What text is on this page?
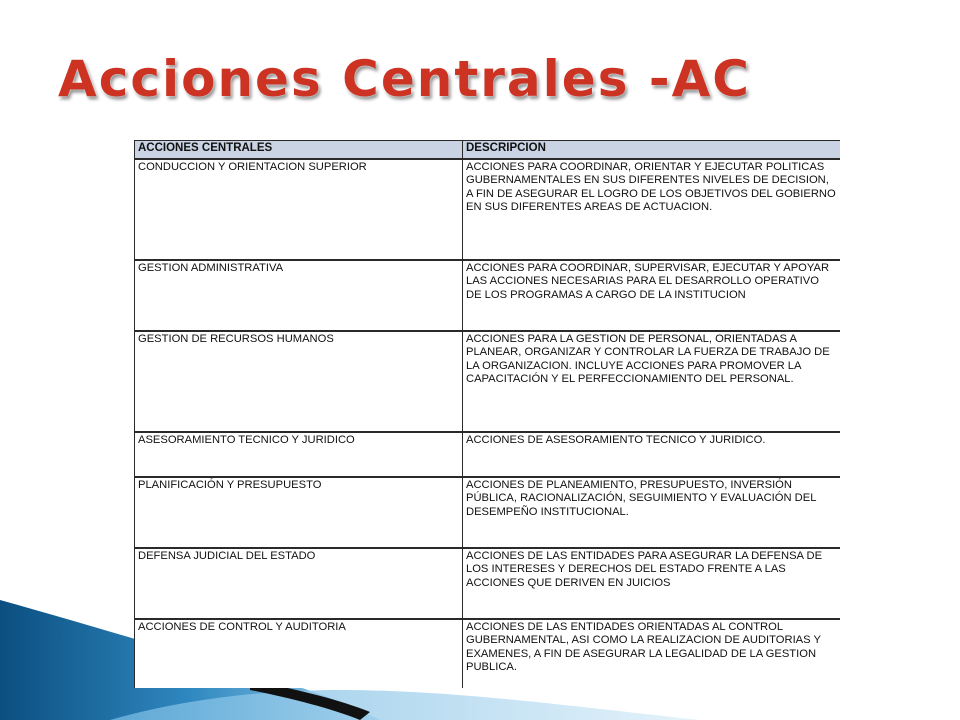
Acciones Centrales -AC
ACCIONES CENTRALES	DESCRIPCION
CONDUCCION Y ORIENTACION SUPERIOR	ACCIONES PARA COORDINAR, ORIENTAR Y EJECUTAR POLITICAS GUBERNAMENTALES EN SUS DIFERENTES NIVELES DE DECISION, A FIN DE ASEGURAR EL LOGRO DE LOS OBJETIVOS DEL GOBIERNO EN SUS DIFERENTES AREAS DE ACTUACION.
GESTION ADMINISTRATIVA	ACCIONES PARA COORDINAR, SUPERVISAR, EJECUTAR Y APOYAR LAS ACCIONES NECESARIAS PARA EL DESARROLLO OPERATIVO DE LOS PROGRAMAS A CARGO DE LA INSTITUCION
GESTION DE RECURSOS HUMANOS	ACCIONES PARA LA GESTION DE PERSONAL, ORIENTADAS A PLANEAR, ORGANIZAR Y CONTROLAR LA FUERZA DE TRABAJO DE LA ORGANIZACION. INCLUYE ACCIONES PARA PROMOVER LA CAPACITACIÓN Y EL PERFECCIONAMIENTO DEL PERSONAL.
ASESORAMIENTO TECNICO Y JURIDICO	ACCIONES DE ASESORAMIENTO TECNICO Y JURIDICO.
PLANIFICACIÓN Y PRESUPUESTO	ACCIONES DE PLANEAMIENTO, PRESUPUESTO, INVERSIÓN PÚBLICA, RACIONALIZACIÓN, SEGUIMIENTO Y EVALUACIÓN DEL DESEMPEÑO INSTITUCIONAL.
DEFENSA JUDICIAL DEL ESTADO	ACCIONES DE LAS ENTIDADES PARA ASEGURAR LA DEFENSA DE LOS INTERESES Y DERECHOS DEL ESTADO FRENTE A LAS ACCIONES QUE DERIVEN EN JUICIOS
ACCIONES DE CONTROL Y AUDITORIA	ACCIONES DE LAS ENTIDADES ORIENTADAS AL CONTROL GUBERNAMENTAL, ASI COMO LA REALIZACION DE AUDITORIAS Y EXAMENES, A FIN DE ASEGURAR LA LEGALIDAD DE LA GESTION PUBLICA.
